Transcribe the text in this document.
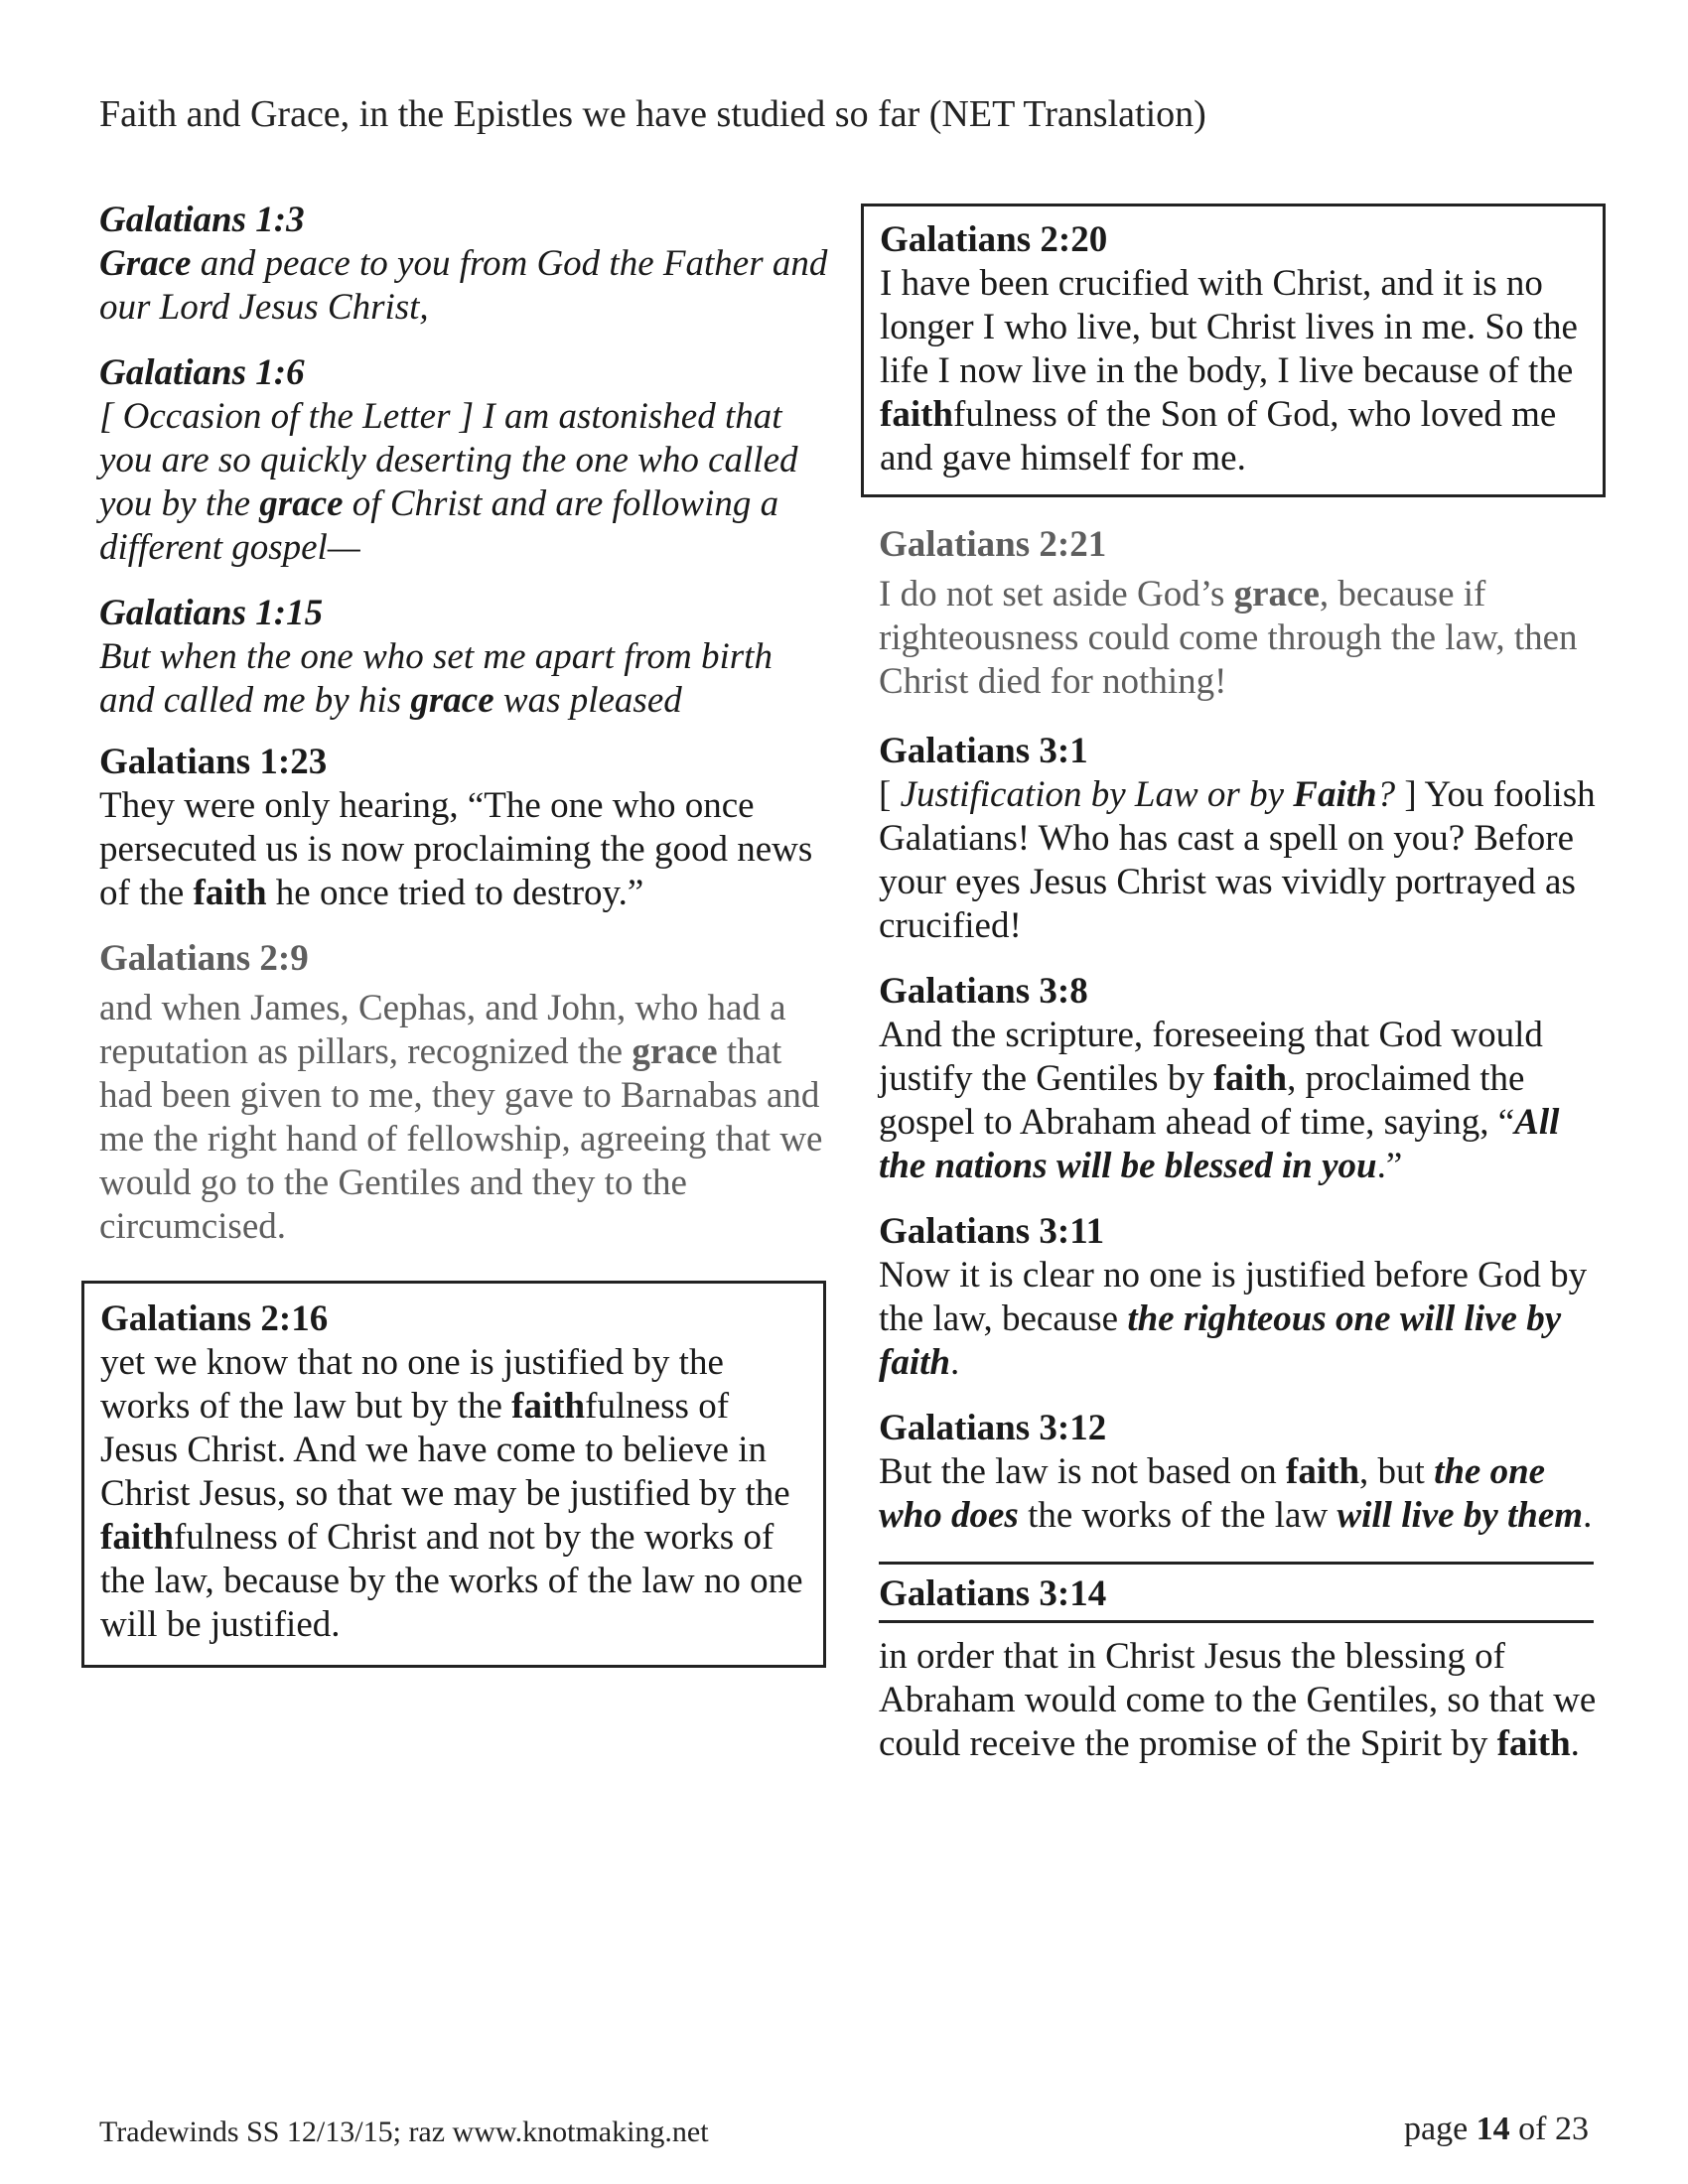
Faith and Grace, in the Epistles we have studied so far (NET Translation)
Galatians 1:3

Grace and peace to you from God the Father and our Lord Jesus Christ,

Galatians 1:6

[ Occasion of the Letter ] I am astonished that you are so quickly deserting the one who called you by the grace of Christ and are following a different gospel—

Galatians 1:15

But when the one who set me apart from birth and called me by his grace was pleased

Galatians 1:23

They were only hearing, “The one who once persecuted us is now proclaiming the good news of the faith he once tried to destroy.”

Galatians 2:9

and when James, Cephas, and John, who had a reputation as pillars, recognized the grace that had been given to me, they gave to Barnabas and me the right hand of fellowship, agreeing that we would go to the Gentiles and they to the circumcised.

Galatians 2:16

yet we know that no one is justified by the works of the law but by the faithfulness of Jesus Christ. And we have come to believe in Christ Jesus, so that we may be justified by the faithfulness of Christ and not by the works of the law, because by the works of the law no one will be justified.

Galatians 2:20

I have been crucified with Christ, and it is no longer I who live, but Christ lives in me. So the life I now live in the body, I live because of the faithfulness of the Son of God, who loved me and gave himself for me.

Galatians 2:21

I do not set aside God’s grace, because if righteousness could come through the law, then Christ died for nothing!

Galatians 3:1

[ Justification by Law or by Faith? ] You foolish Galatians! Who has cast a spell on you? Before your eyes Jesus Christ was vividly portrayed as crucified!

Galatians 3:8

And the scripture, foreseeing that God would justify the Gentiles by faith, proclaimed the gospel to Abraham ahead of time, saying, “All the nations will be blessed in you.”

Galatians 3:11

Now it is clear no one is justified before God by the law, because the righteous one will live by faith.

Galatians 3:12

But the law is not based on faith, but the one who does the works of the law will live by them.

Galatians 3:14

in order that in Christ Jesus the blessing of Abraham would come to the Gentiles, so that we could receive the promise of the Spirit by faith.

Tradewinds SS 12/13/15; raz www.knotmaking.net	page 14 of 23
